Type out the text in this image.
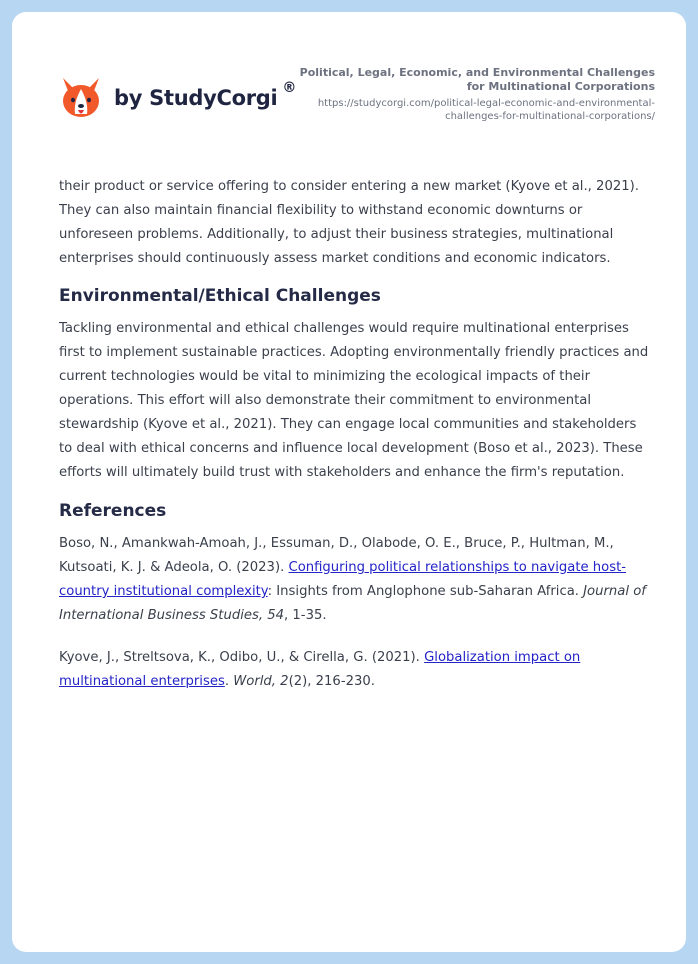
by StudyCorgi ®
Political, Legal, Economic, and Environmental Challenges for Multinational Corporations
https://studycorgi.com/political-legal-economic-and-environmental-challenges-for-multinational-corporations/

their product or service offering to consider entering a new market (Kyove et al., 2021). They can also maintain financial flexibility to withstand economic downturns or unforeseen problems. Additionally, to adjust their business strategies, multinational enterprises should continuously assess market conditions and economic indicators.

Environmental/Ethical Challenges

Tackling environmental and ethical challenges would require multinational enterprises first to implement sustainable practices. Adopting environmentally friendly practices and current technologies would be vital to minimizing the ecological impacts of their operations. This effort will also demonstrate their commitment to environmental stewardship (Kyove et al., 2021). They can engage local communities and stakeholders to deal with ethical concerns and influence local development (Boso et al., 2023). These efforts will ultimately build trust with stakeholders and enhance the firm's reputation.

References

Boso, N., Amankwah-Amoah, J., Essuman, D., Olabode, O. E., Bruce, P., Hultman, M., Kutsoati, K. J. & Adeola, O. (2023). Configuring political relationships to navigate host-country institutional complexity: Insights from Anglophone sub-Saharan Africa. Journal of International Business Studies, 54, 1-35.

Kyove, J., Streltsova, K., Odibo, U., & Cirella, G. (2021). Globalization impact on multinational enterprises. World, 2(2), 216-230.
